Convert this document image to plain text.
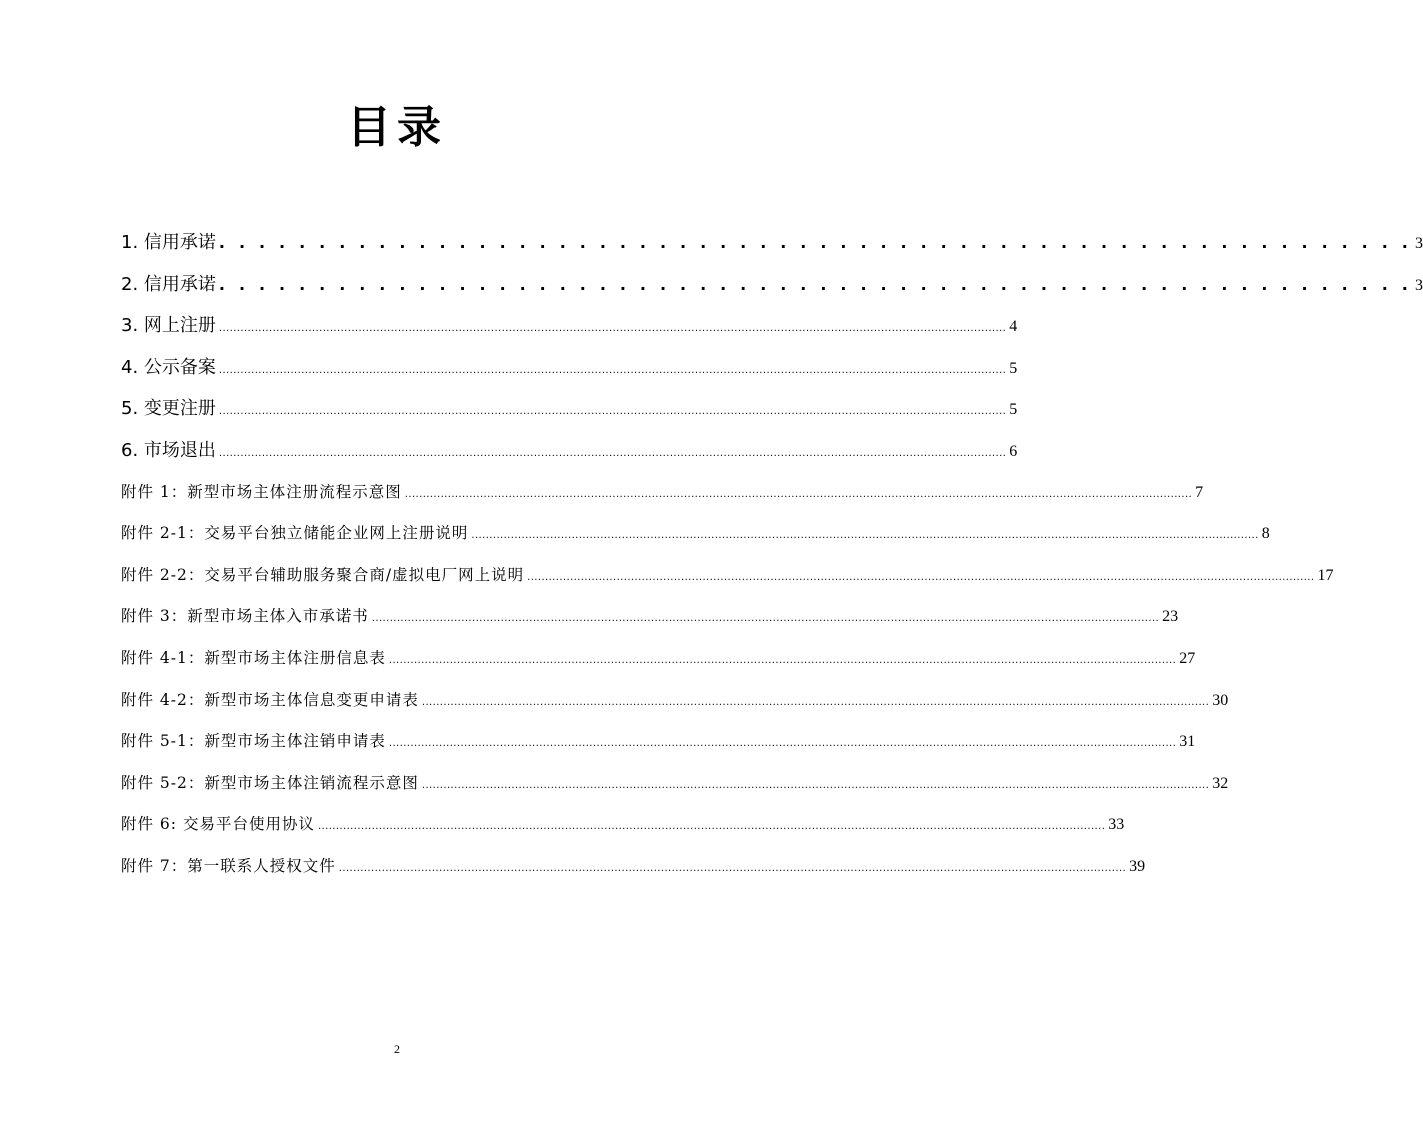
目录
1. 信用承诺 . . . . . . . . . . . . . . . . . . . . . . . . . . . . . . . . . . . . . . . . . . . . . . . . . . . . . . . . . . . . 3
2. 信用承诺 . . . . . . . . . . . . . . . . . . . . . . . . . . . . . . . . . . . . . . . . . . . . . . . . . . . . . . . . . . . . 3
3. 网上注册 ............................................................................................................................................................................................................................ 4
4. 公示备案 ............................................................................................................................................................................................................................ 5
5. 变更注册 ............................................................................................................................................................................................................................ 5
6. 市场退出 ............................................................................................................................................................................................................................ 6
附件 1：新型市场主体注册流程示意图 ............................................................................................................................................................................................................................ 7
附件 2-1：交易平台独立储能企业网上注册说明 ............................................................................................................................................................................................................................ 8
附件 2-2：交易平台辅助服务聚合商/虚拟电厂网上说明 ............................................................................................................................................................................................................................ 17
附件 3：新型市场主体入市承诺书 ............................................................................................................................................................................................................................ 23
附件 4-1：新型市场主体注册信息表 ............................................................................................................................................................................................................................ 27
附件 4-2：新型市场主体信息变更申请表 ............................................................................................................................................................................................................................ 30
附件 5-1：新型市场主体注销申请表 ............................................................................................................................................................................................................................ 31
附件 5-2：新型市场主体注销流程示意图 ............................................................................................................................................................................................................................ 32
附件 6: 交易平台使用协议 ............................................................................................................................................................................................................................ 33
附件 7：第一联系人授权文件 ............................................................................................................................................................................................................................ 39
2
